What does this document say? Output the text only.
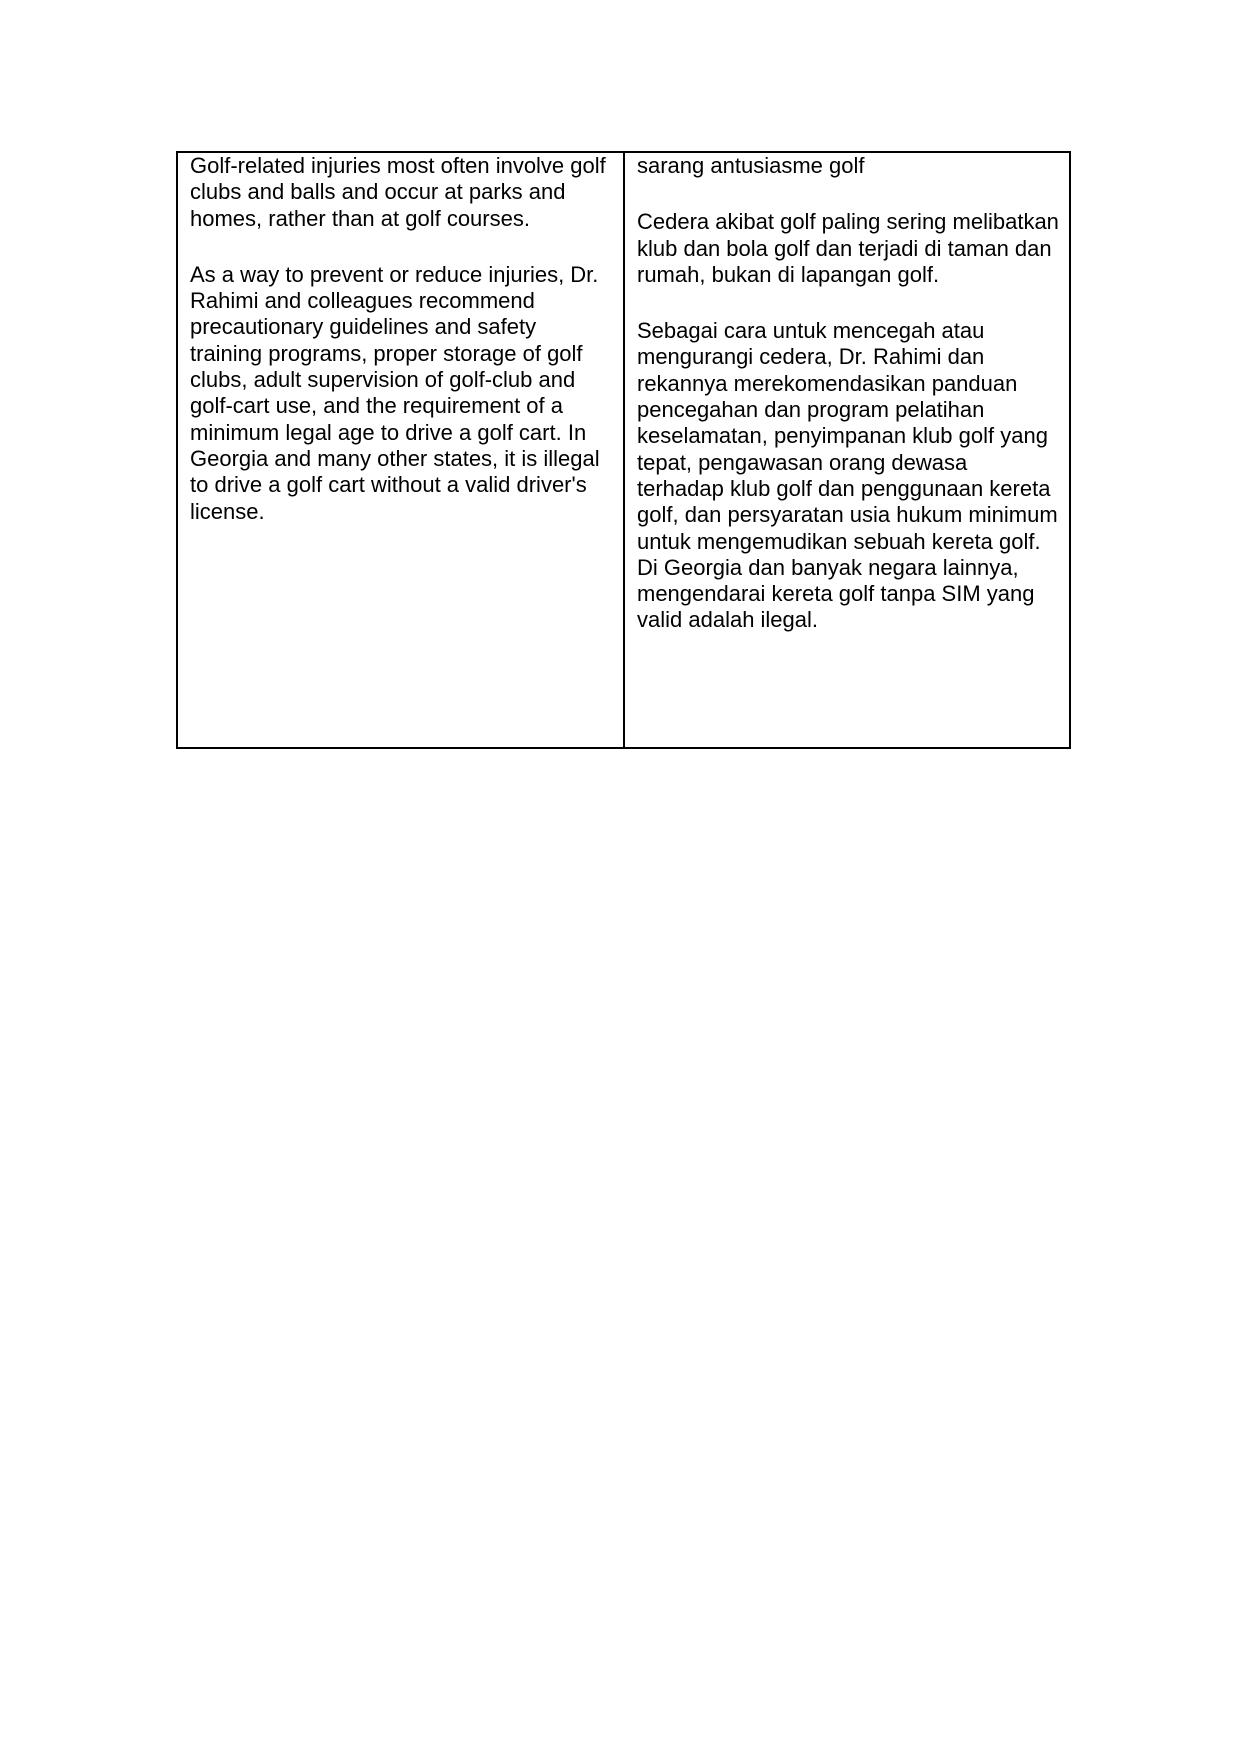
Golf-related injuries most often involve golf clubs and balls and occur at parks and homes, rather than at golf courses.

As a way to prevent or reduce injuries, Dr. Rahimi and colleagues recommend precautionary guidelines and safety training programs, proper storage of golf clubs, adult supervision of golf-club and golf-cart use, and the requirement of a minimum legal age to drive a golf cart. In Georgia and many other states, it is illegal to drive a golf cart without a valid driver's license.

sarang antusiasme golf

Cedera akibat golf paling sering melibatkan klub dan bola golf dan terjadi di taman dan rumah, bukan di lapangan golf.

Sebagai cara untuk mencegah atau mengurangi cedera, Dr. Rahimi dan rekannya merekomendasikan panduan pencegahan dan program pelatihan keselamatan, penyimpanan klub golf yang tepat, pengawasan orang dewasa terhadap klub golf dan penggunaan kereta golf, dan persyaratan usia hukum minimum untuk mengemudikan sebuah kereta golf. Di Georgia dan banyak negara lainnya, mengendarai kereta golf tanpa SIM yang valid adalah ilegal.
